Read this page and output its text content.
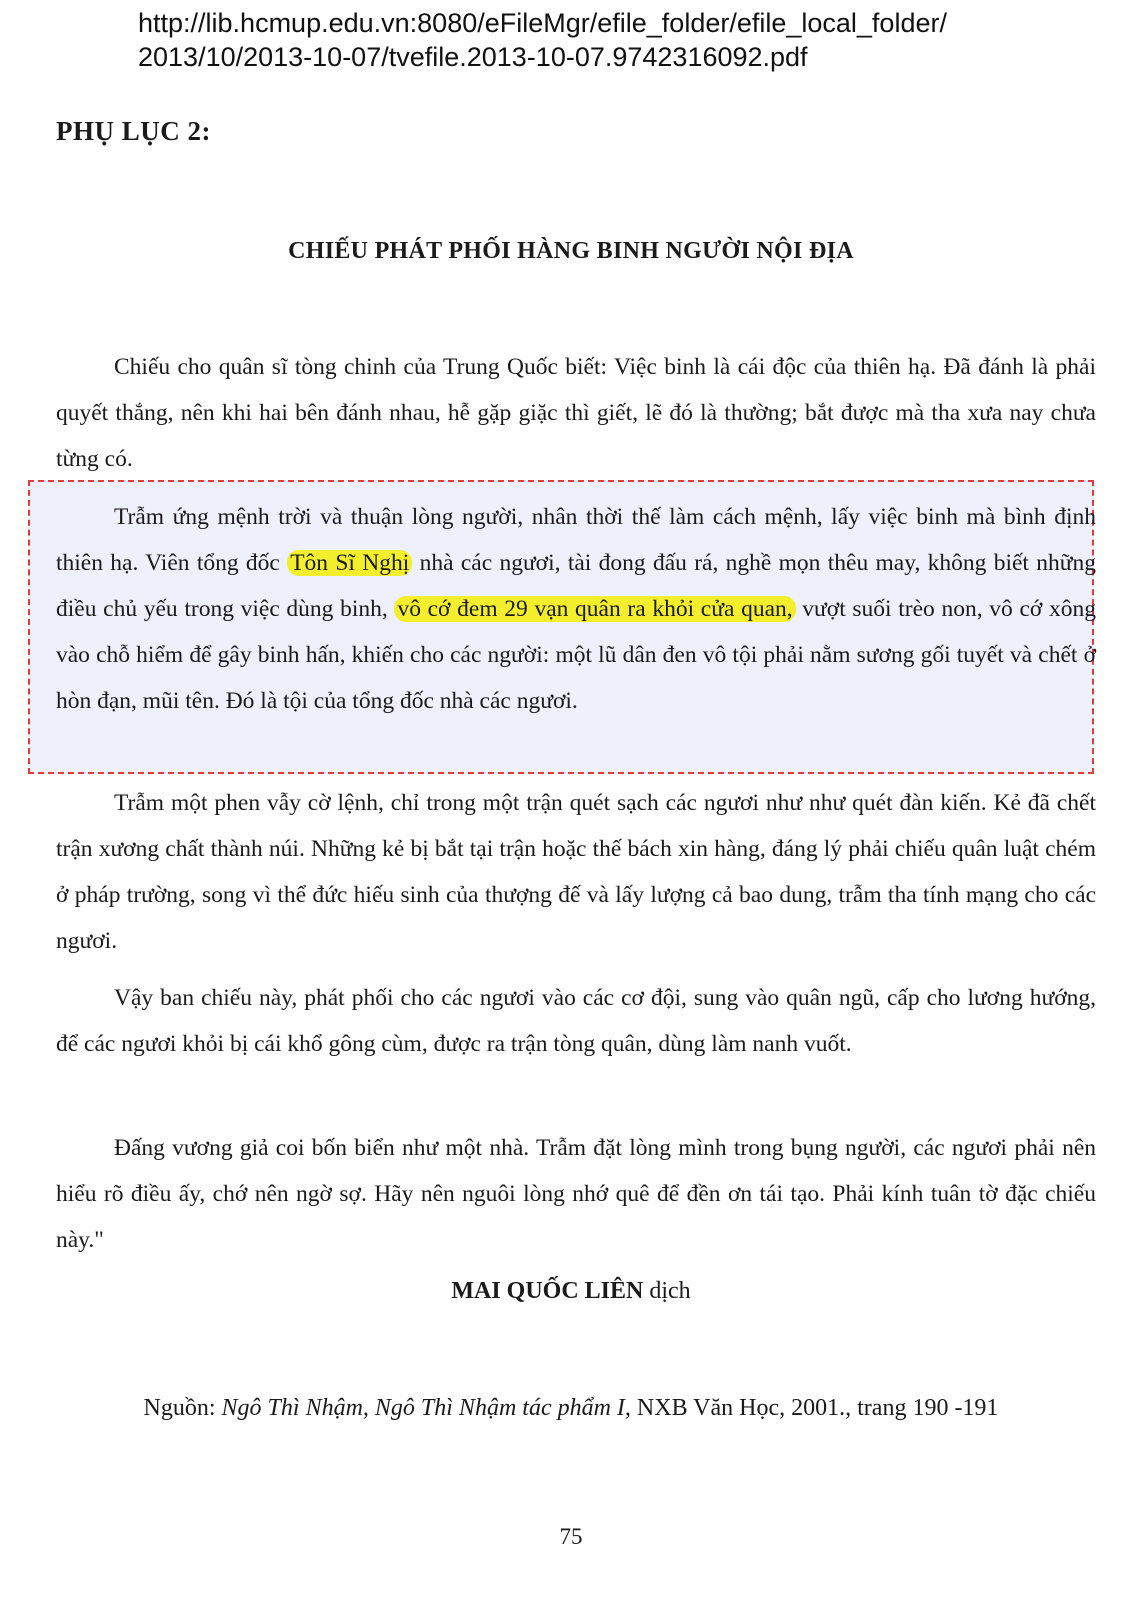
http://lib.hcmup.edu.vn:8080/eFileMgr/efile_folder/efile_local_folder/
2013/10/2013-10-07/tvefile.2013-10-07.9742316092.pdf
PHỤ LỤC 2:
CHIẾU PHÁT PHỐI HÀNG BINH NGƯỜI NỘI ĐỊA

Chiếu cho quân sĩ tòng chinh của Trung Quốc biết: Việc binh là cái độc của thiên hạ. Đã đánh là phải quyết thắng, nên khi hai bên đánh nhau, hễ gặp giặc thì giết, lẽ đó là thường; bắt được mà tha xưa nay chưa từng có.

Trẫm ứng mệnh trời và thuận lòng người, nhân thời thế làm cách mệnh, lấy việc binh mà bình định thiên hạ. Viên tổng đốc Tôn Sĩ Nghị nhà các ngươi, tài đong đấu rá, nghề mọn thêu may, không biết những điều chủ yếu trong việc dùng binh, vô cớ đem 29 vạn quân ra khỏi cửa quan, vượt suối trèo non, vô cớ xông vào chỗ hiểm để gây binh hấn, khiến cho các người: một lũ dân đen vô tội phải nằm sương gối tuyết và chết ở hòn đạn, mũi tên. Đó là tội của tổng đốc nhà các ngươi.

Trẫm một phen vẫy cờ lệnh, chỉ trong một trận quét sạch các ngươi như như quét đàn kiến. Kẻ đã chết trận xương chất thành núi. Những kẻ bị bắt tại trận hoặc thế bách xin hàng, đáng lý phải chiếu quân luật chém ở pháp trường, song vì thể đức hiếu sinh của thượng đế và lấy lượng cả bao dung, trẫm tha tính mạng cho các ngươi.

Vậy ban chiếu này, phát phối cho các ngươi vào các cơ đội, sung vào quân ngũ, cấp cho lương hướng, để các ngươi khỏi bị cái khổ gông cùm, được ra trận tòng quân, dùng làm nanh vuốt.

Đấng vương giả coi bốn biển như một nhà. Trẫm đặt lòng mình trong bụng người, các ngươi phải nên hiểu rõ điều ấy, chớ nên ngờ sợ. Hãy nên nguôi lòng nhớ quê để đền ơn tái tạo. Phải kính tuân tờ đặc chiếu này."

MAI QUỐC LIÊN dịch
Nguồn: Ngô Thì Nhậm, Ngô Thì Nhậm tác phẩm I, NXB Văn Học, 2001., trang 190 -191
75
